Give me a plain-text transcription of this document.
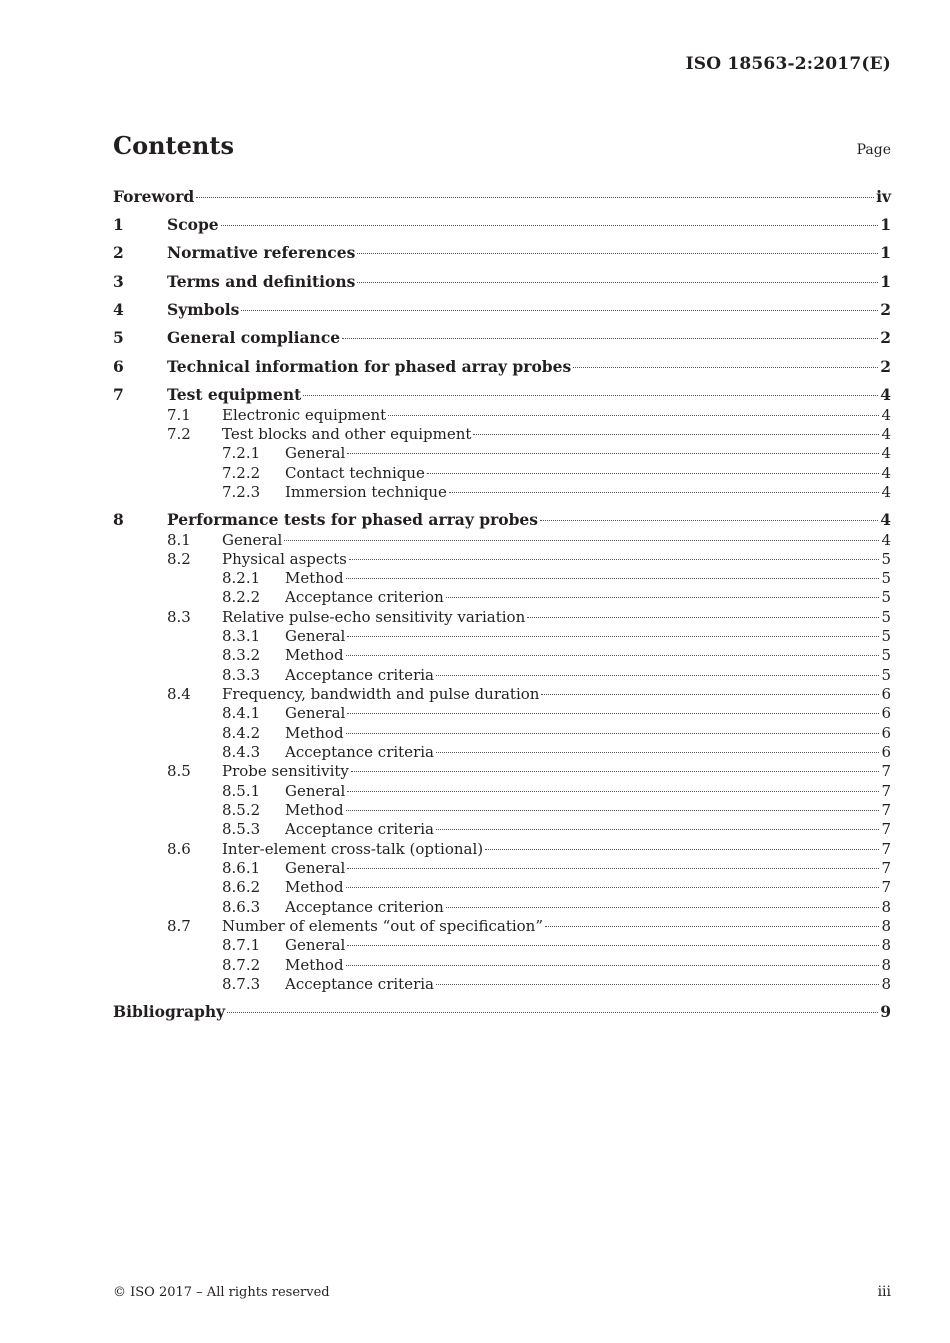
ISO 18563-2:2017(E)
Contents	Page
Foreword	iv
1	Scope	1
2	Normative references	1
3	Terms and definitions	1
4	Symbols	2
5	General compliance	2
6	Technical information for phased array probes	2
7	Test equipment	4
7.1	Electronic equipment	4
7.2	Test blocks and other equipment	4
7.2.1	General	4
7.2.2	Contact technique	4
7.2.3	Immersion technique	4
8	Performance tests for phased array probes	4
8.1	General	4
8.2	Physical aspects	5
8.2.1	Method	5
8.2.2	Acceptance criterion	5
8.3	Relative pulse-echo sensitivity variation	5
8.3.1	General	5
8.3.2	Method	5
8.3.3	Acceptance criteria	5
8.4	Frequency, bandwidth and pulse duration	6
8.4.1	General	6
8.4.2	Method	6
8.4.3	Acceptance criteria	6
8.5	Probe sensitivity	7
8.5.1	General	7
8.5.2	Method	7
8.5.3	Acceptance criteria	7
8.6	Inter-element cross-talk (optional)	7
8.6.1	General	7
8.6.2	Method	7
8.6.3	Acceptance criterion	8
8.7	Number of elements “out of specification”	8
8.7.1	General	8
8.7.2	Method	8
8.7.3	Acceptance criteria	8
Bibliography	9
© ISO 2017 – All rights reserved	iii
